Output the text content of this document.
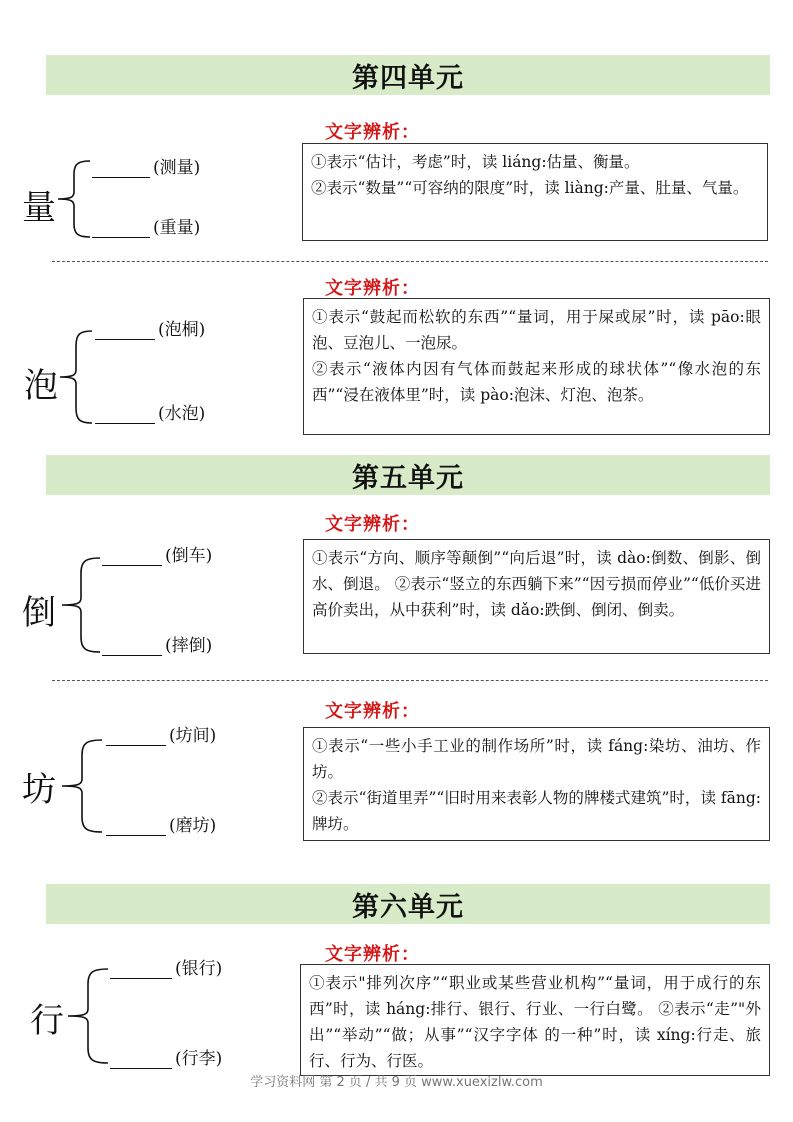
第四单元
第五单元
第六单元
量
(测量)
(重量)
文字辨析：

①表示“估计，考虑”时，读 liáng:估量、衡量。

②表示“数量”“可容纳的限度”时，读 liàng:产量、肚量、气量。

泡
(泡桐)
(水泡)
文字辨析：

①表示“鼓起而松软的东西”“量词，用于屎或尿”时，读 pāo:眼泡、豆泡儿、一泡尿。

②表示“液体内因有气体而鼓起来形成的球状体”“像水泡的东西”“浸在液体里”时，读 pào:泡沫、灯泡、泡茶。

倒
(倒车)
(摔倒)
文字辨析：

①表示“方向、顺序等颠倒”“向后退”时，读 dào:倒数、倒影、倒水、倒退。 ②表示“竖立的东西躺下来”“因亏损而停业”“低价买进高价卖出，从中获利”时，读 dǎo:跌倒、倒闭、倒卖。

坊
(坊间)
(磨坊)
文字辨析：

①表示“一些小手工业的制作场所”时，读 fáng:染坊、油坊、作坊。

②表示“街道里弄”“旧时用来表彰人物的牌楼式建筑”时，读 fāng:牌坊。

行
(银行)
(行李)
文字辨析：

①表示"排列次序”“职业或某些营业机构”“量词，用于成行的东西”时，读 háng:排行、银行、行业、一行白鹭。 ②表示“走”"外出”“举动”“做；从事”“汉字字体 的一种”时，读 xíng:行走、旅行、行为、行医。

学习资料网 第 2 页 / 共 9 页 www.xuexizlw.com
